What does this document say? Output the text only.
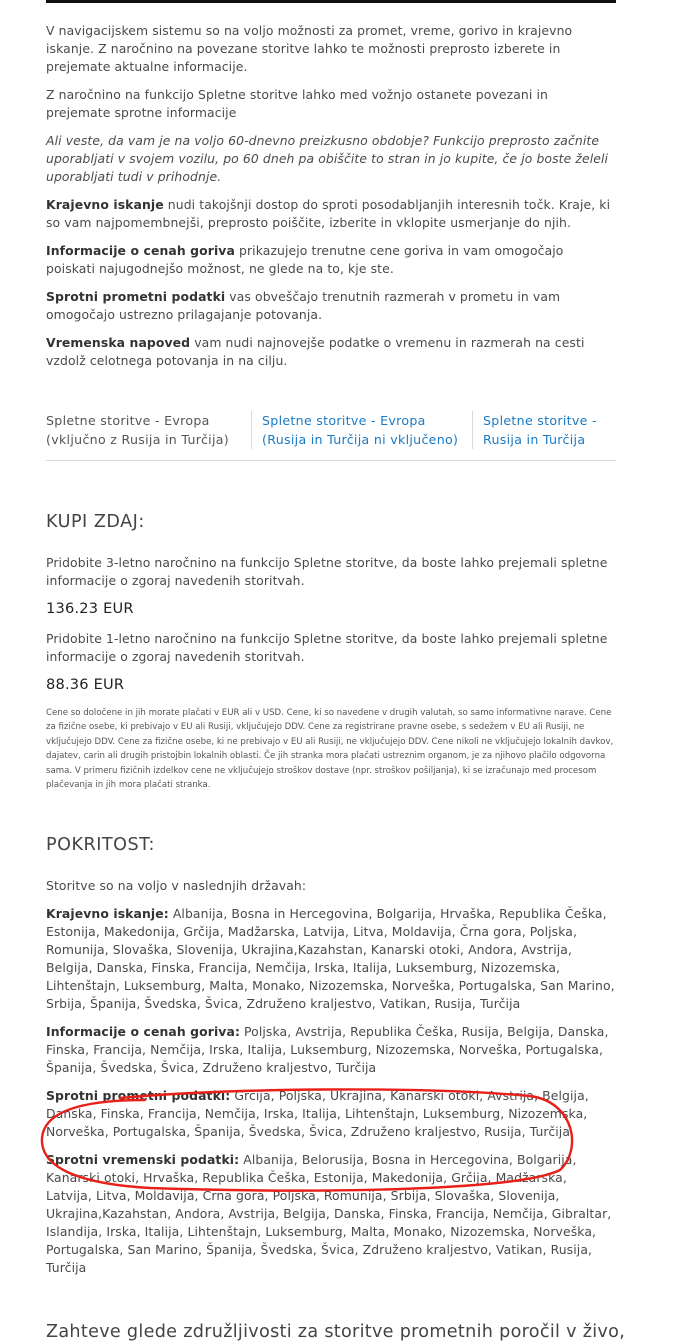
V navigacijskem sistemu so na voljo možnosti za promet, vreme, gorivo in krajevno iskanje. Z naročnino na povezane storitve lahko te možnosti preprosto izberete in prejemate aktualne informacije.

Z naročnino na funkcijo Spletne storitve lahko med vožnjo ostanete povezani in prejemate sprotne informacije

Ali veste, da vam je na voljo 60-dnevno preizkusno obdobje? Funkcijo preprosto začnite uporabljati v svojem vozilu, po 60 dneh pa obiščite to stran in jo kupite, če jo boste želeli uporabljati tudi v prihodnje.

Krajevno iskanje nudi takojšnji dostop do sproti posodabljanjih interesnih točk. Kraje, ki so vam najpomembnejši, preprosto poiščite, izberite in vklopite usmerjanje do njih.

Informacije o cenah goriva prikazujejo trenutne cene goriva in vam omogočajo poiskati najugodnejšo možnost, ne glede na to, kje ste.

Sprotni prometni podatki vas obveščajo trenutnih razmerah v prometu in vam omogočajo ustrezno prilagajanje potovanja.

Vremenska napoved vam nudi najnovejše podatke o vremenu in razmerah na cesti vzdolž celotnega potovanja in na cilju.

Spletne storitve - Evropa (vključno z Rusija in Turčija)
Spletne storitve - Evropa (Rusija in Turčija ni vključeno)
Spletne storitve - Rusija in Turčija
KUPI ZDAJ:

Pridobite 3-letno naročnino na funkcijo Spletne storitve, da boste lahko prejemali spletne informacije o zgoraj navedenih storitvah.

136.23 EUR

Pridobite 1-letno naročnino na funkcijo Spletne storitve, da boste lahko prejemali spletne informacije o zgoraj navedenih storitvah.

88.36 EUR

Cene so določene in jih morate plačati v EUR ali v USD. Cene, ki so navedene v drugih valutah, so samo informativne narave. Cene za fizične osebe, ki prebivajo v EU ali Rusiji, vključujejo DDV. Cene za registrirane pravne osebe, s sedežem v EU ali Rusiji, ne vključujejo DDV. Cene za fizične osebe, ki ne prebivajo v EU ali Rusiji, ne vključujejo DDV. Cene nikoli ne vključujejo lokalnih davkov, dajatev, carin ali drugih pristojbin lokalnih oblasti. Če jih stranka mora plačati ustreznim organom, je za njihovo plačilo odgovorna sama. V primeru fizičnih izdelkov cene ne vključujejo stroškov dostave (npr. stroškov pošiljanja), ki se izračunajo med procesom plačevanja in jih mora plačati stranka.

POKRITOST:

Storitve so na voljo v naslednjih državah:

Krajevno iskanje: Albanija, Bosna in Hercegovina, Bolgarija, Hrvaška, Republika Češka, Estonija, Makedonija, Grčija, Madžarska, Latvija, Litva, Moldavija, Črna gora, Poljska, Romunija, Slovaška, Slovenija, Ukrajina,Kazahstan, Kanarski otoki, Andora, Avstrija, Belgija, Danska, Finska, Francija, Nemčija, Irska, Italija, Luksemburg, Nizozemska, Lihtenštajn, Luksemburg, Malta, Monako, Nizozemska, Norveška, Portugalska, San Marino, Srbija, Španija, Švedska, Švica, Združeno kraljestvo, Vatikan, Rusija, Turčija

Informacije o cenah goriva: Poljska, Avstrija, Republika Češka, Rusija, Belgija, Danska, Finska, Francija, Nemčija, Irska, Italija, Luksemburg, Nizozemska, Norveška, Portugalska, Španija, Švedska, Švica, Združeno kraljestvo, Turčija

Sprotni prometni podatki: Grčija, Poljska, Ukrajina, Kanarski otoki, Avstrija, Belgija, Danska, Finska, Francija, Nemčija, Irska, Italija, Lihtenštajn, Luksemburg, Nizozemska, Norveška, Portugalska, Španija, Švedska, Švica, Združeno kraljestvo, Rusija, Turčija

Sprotni vremenski podatki: Albanija, Belorusija, Bosna in Hercegovina, Bolgarija, Kanarski otoki, Hrvaška, Republika Češka, Estonija, Makedonija, Grčija, Madžarska, Latvija, Litva, Moldavija, Črna gora, Poljska, Romunija, Srbija, Slovaška, Slovenija, Ukrajina,Kazahstan, Andora, Avstrija, Belgija, Danska, Finska, Francija, Nemčija, Gibraltar, Islandija, Irska, Italija, Lihtenštajn, Luksemburg, Malta, Monako, Nizozemska, Norveška, Portugalska, San Marino, Španija, Švedska, Švica, Združeno kraljestvo, Vatikan, Rusija, Turčija

Zahteve glede združljivosti za storitve prometnih poročil v živo,
